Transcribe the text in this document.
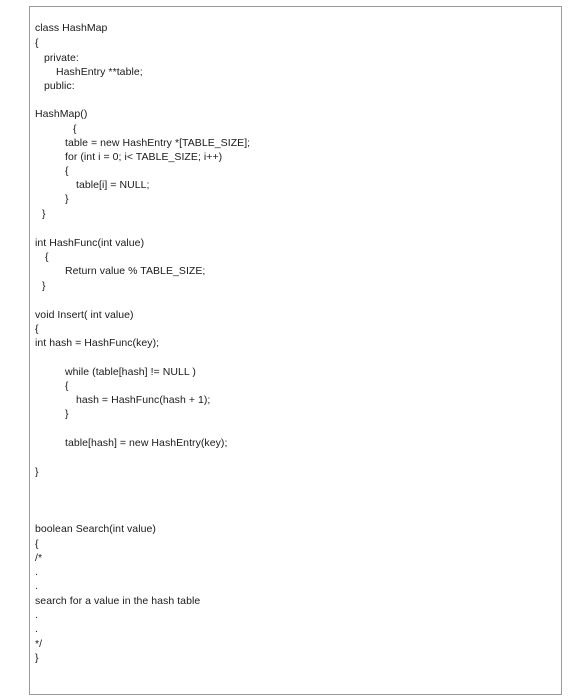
class HashMap
{
private:
HashEntry **table;
public:
HashMap()
{
table = new HashEntry *[TABLE_SIZE];
for (int i = 0; i< TABLE_SIZE; i++)
{
table[i] = NULL;
}
}
int HashFunc(int value)
{
Return value % TABLE_SIZE;
}
void Insert( int value)
{
int hash = HashFunc(key);
while (table[hash] != NULL )
{
hash = HashFunc(hash + 1);
}
table[hash] = new HashEntry(key);
}
boolean Search(int value)
{
/*
.
.
search for a value in the hash table
.
.
*/
}
